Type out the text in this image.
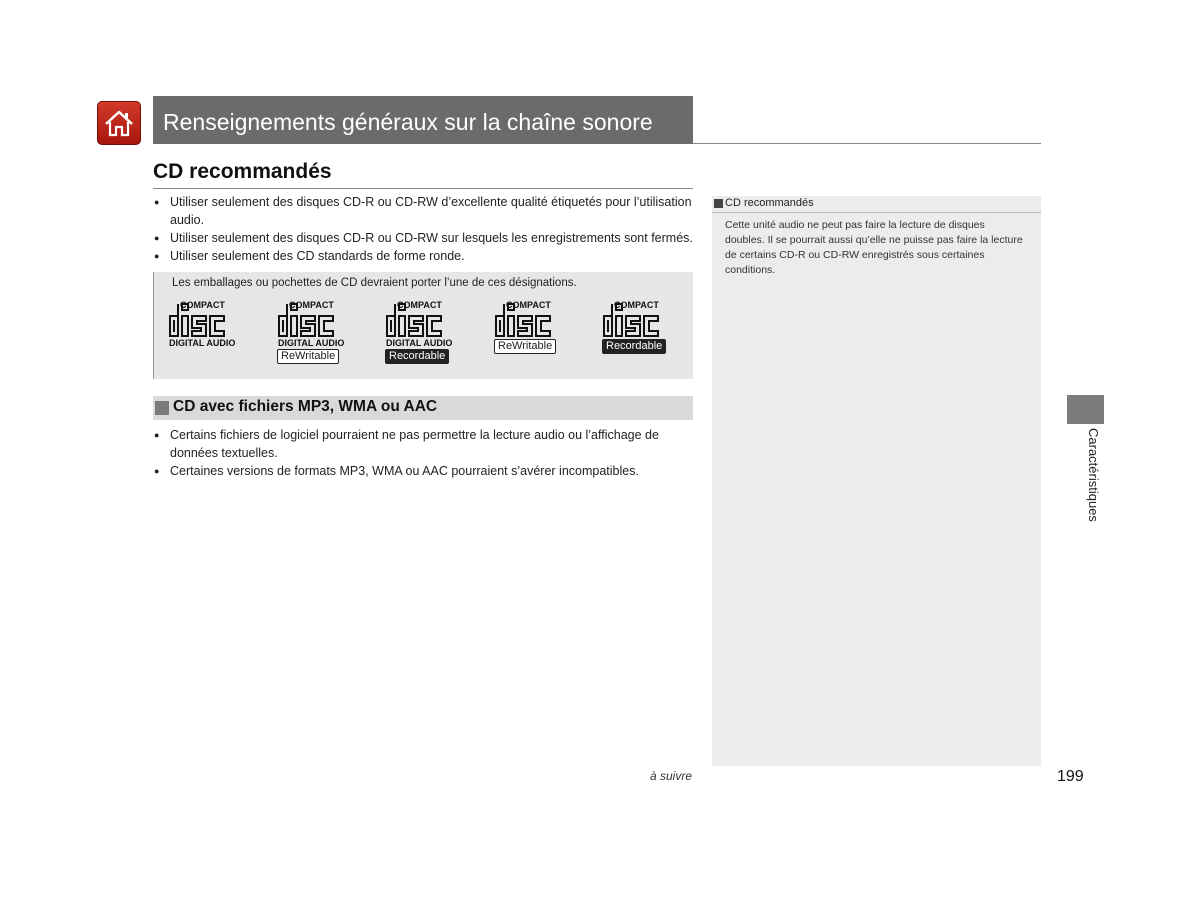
Renseignements généraux sur la chaîne sonore
CD recommandés
● Utiliser seulement des disques CD-R ou CD-RW d’excellente qualité étiquetés pour l’utilisation audio.
● Utiliser seulement des disques CD-R ou CD-RW sur lesquels les enregistrements sont fermés.
● Utiliser seulement des CD standards de forme ronde.
Les emballages ou pochettes de CD devraient porter l’une de ces désignations.
COMPACT
DIGITAL AUDIO
COMPACT
DIGITAL AUDIO
ReWritable
COMPACT
DIGITAL AUDIO
Recordable
COMPACT
ReWritable
COMPACT
Recordable
CD avec fichiers MP3, WMA ou AAC
● Certains fichiers de logiciel pourraient ne pas permettre la lecture audio ou l’affichage de données textuelles.
● Certaines versions de formats MP3, WMA ou AAC pourraient s’avérer incompatibles.
CD recommandés
Cette unité audio ne peut pas faire la lecture de disques doubles. Il se pourrait aussi qu’elle ne puisse pas faire la lecture de certains CD-R ou CD-RW enregistrés sous certaines conditions.
Caractéristiques
à suivre	199
